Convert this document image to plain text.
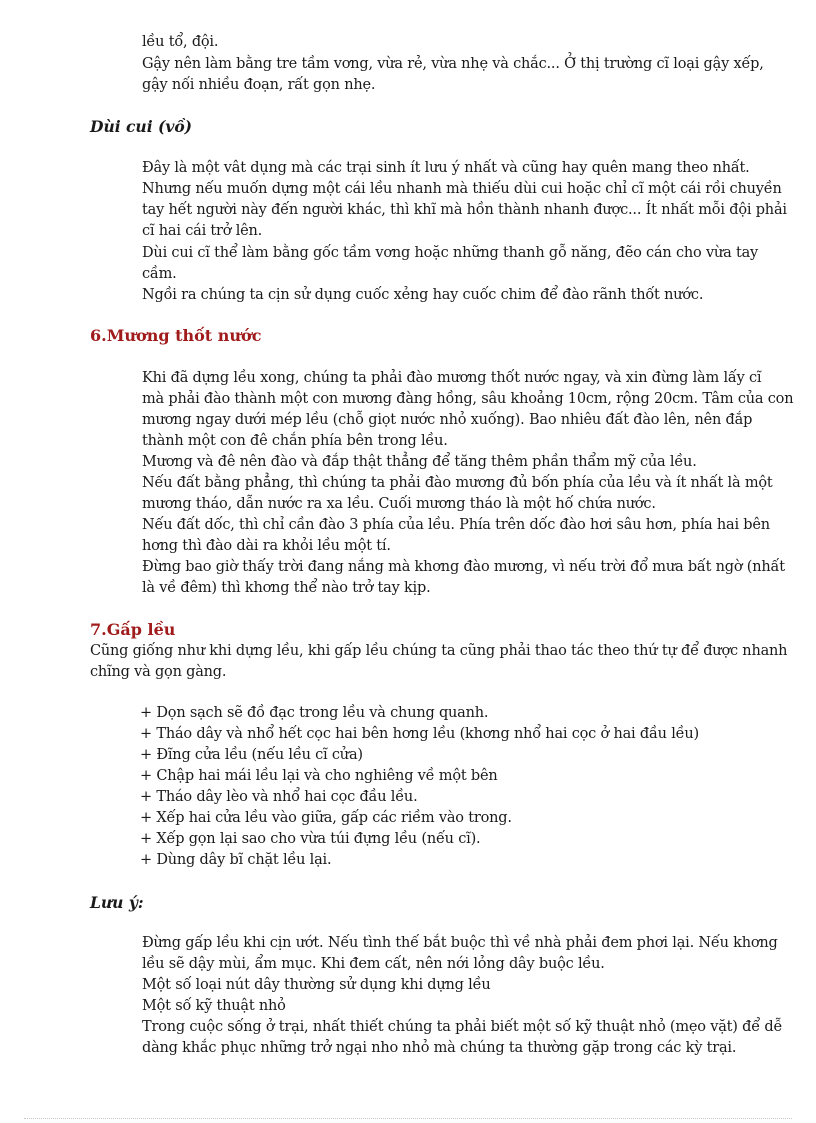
lều tổ, đội.
Gậy nên làm bằng tre tầm vơng, vừa rẻ, vừa nhẹ và chắc... Ở thị trường cĩ loại gậy xếp,
gậy nối nhiều đoạn, rất gọn nhẹ.
Dùi cui (vồ)
Đây là một vât dụng mà các trại sinh ít lưu ý nhất và cũng hay quên mang theo nhất.
Nhưng nếu muốn dựng một cái lều nhanh mà thiếu dùi cui hoặc chỉ cĩ một cái rồi chuyền
tay hết người này đến người khác, thì khĩ mà hồn thành nhanh được... Ít nhất mỗi đội phải
cĩ hai cái trở lên.
Dùi cui cĩ thể làm bằng gốc tầm vơng hoặc những thanh gỗ năng, đẽo cán cho vừa tay
cầm.
Ngồi ra chúng ta cịn sử dụng cuốc xẻng hay cuốc chim để đào rãnh thốt nước.
6.Mương thốt nước
Khi đã dựng lều xong, chúng ta phải đào mương thốt nước ngay, và xin đừng làm lấy cĩ
mà phải đào thành một con mương đàng hồng, sâu khoảng 10cm, rộng 20cm. Tâm của con
mương ngay dưới mép lều (chỗ giọt nước nhỏ xuống). Bao nhiêu đất đào lên, nên đắp
thành một con đê chắn phía bên trong lều.
Mương và đê nên đào và đắp thật thẳng để tăng thêm phần thẩm mỹ của lều.
Nếu đất bằng phẳng, thì chúng ta phải đào mương đủ bốn phía của lều và ít nhất là một
mương tháo, dẫn nước ra xa lều. Cuối mương tháo là một hố chứa nước.
Nếu đất dốc, thì chỉ cần đào 3 phía của lều. Phía trên dốc đào hơi sâu hơn, phía hai bên
hơng thì đào dài ra khỏi lều một tí.
Đừng bao giờ thấy trời đang nắng mà khơng đào mương, vì nếu trời đổ mưa bất ngờ (nhất
là về đêm) thì khơng thể nào trở tay kịp.
7.Gấp lều
Cũng giống như khi dựng lều, khi gấp lều chúng ta cũng phải thao tác theo thứ tự để được nhanh
chĩng và gọn gàng.
+ Dọn sạch sẽ đồ đạc trong lều và chung quanh.
+ Tháo dây và nhổ hết cọc hai bên hơng lều (khơng nhổ hai cọc ở hai đầu lều)
+ Đĩng cửa lều (nếu lều cĩ cửa)
+ Chập hai mái lều lại và cho nghiêng về một bên
+ Tháo dây lèo và nhổ hai cọc đầu lều.
+ Xếp hai cửa lều vào giữa, gấp các riềm vào trong.
+ Xếp gọn lại sao cho vừa túi đựng lều (nếu cĩ).
+ Dùng dây bĩ chặt lều lại.
Lưu ý:
Đừng gấp lều khi cịn ướt. Nếu tình thế bắt buộc thì về nhà phải đem phơi lại. Nếu khơng
lều sẽ dậy mùi, ẩm mục. Khi đem cất, nên nới lỏng dây buộc lều.
Một số loại nút dây thường sử dụng khi dựng lều
Một số kỹ thuật nhỏ
Trong cuộc sống ở trại, nhất thiết chúng ta phải biết một số kỹ thuật nhỏ (mẹo vặt) để dễ
dàng khắc phục những trở ngại nho nhỏ mà chúng ta thường gặp trong các kỳ trại.
